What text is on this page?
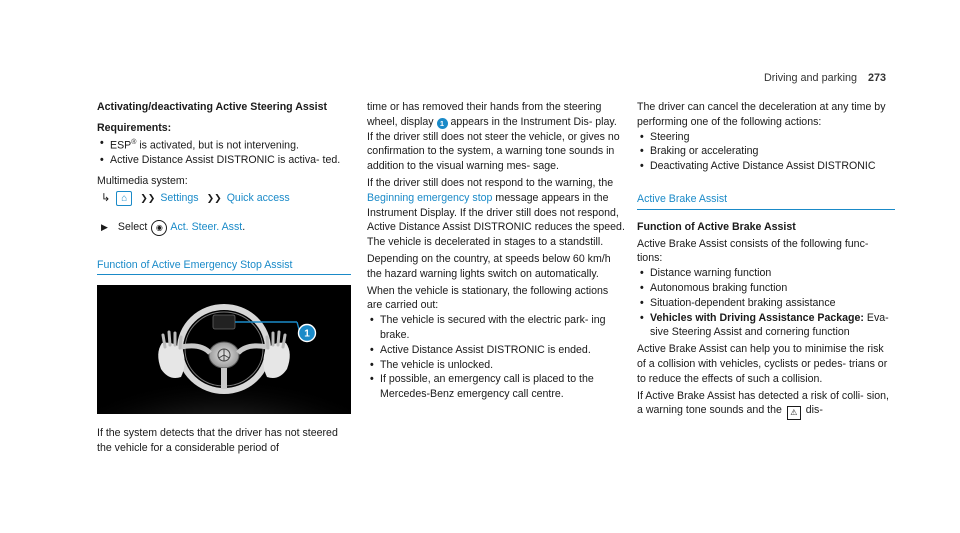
Driving and parking 273

Activating/deactivating Active Steering Assist

Requirements:

• ESP® is activated, but is not intervening.
• Active Distance Assist DISTRONIC is activa‐ ted.

Multimedia system:

↳	⌂	❯❯ Settings ❯❯ Quick access
▶ Select	◉ Act. Steer. Asst .

Function of Active Emergency Stop Assist

1

If the system detects that the driver has not steered the vehicle for a considerable period of

time or has removed their hands from the steering wheel, display 1 appears in the Instrument Dis‐ play. If the driver still does not steer the vehicle, or gives no confirmation to the system, a warning tone sounds in addition to the visual warning mes‐ sage.

If the driver still does not respond to the warning, the Beginning emergency stop message appears in the Instrument Display. If the driver still does not respond, Active Distance Assist DISTRONIC reduces the speed. The vehicle is decelerated in stages to a standstill.

Depending on the country, at speeds below 60 km/h the hazard warning lights switch on automatically.

When the vehicle is stationary, the following actions are carried out:

• The vehicle is secured with the electric park‐ ing brake.
• Active Distance Assist DISTRONIC is ended.
• The vehicle is unlocked.
• If possible, an emergency call is placed to the Mercedes-Benz emergency call centre.

The driver can cancel the deceleration at any time by performing one of the following actions:

• Steering
• Braking or accelerating
• Deactivating Active Distance Assist DISTRONIC

Active Brake Assist

Function of Active Brake Assist

Active Brake Assist consists of the following func‐ tions:

• Distance warning function
• Autonomous braking function
• Situation-dependent braking assistance
• Vehicles with Driving Assistance Package: Eva‐ sive Steering Assist and cornering function

Active Brake Assist can help you to minimise the risk of a collision with vehicles, cyclists or pedes‐ trians or to reduce the effects of such a collision.

If Active Brake Assist has detected a risk of colli‐ sion, a warning tone sounds and the ⚠ dis‐
